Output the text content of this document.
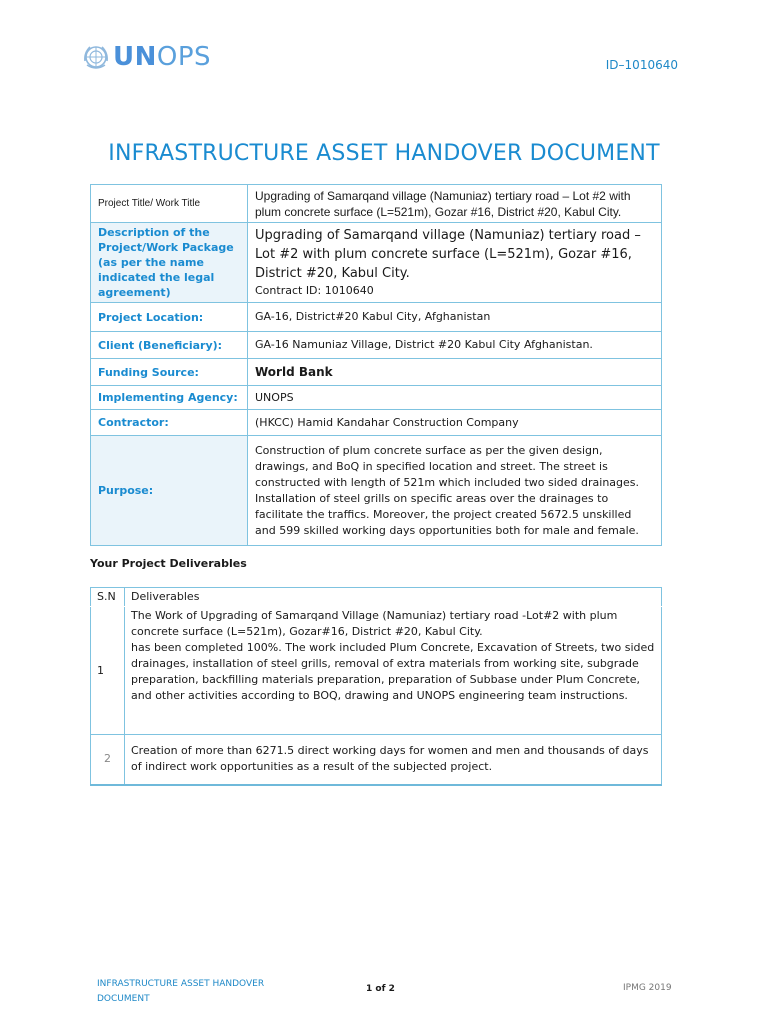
UNOPS	ID–1010640
INFRASTRUCTURE ASSET HANDOVER DOCUMENT
Project Title/ Work Title	Upgrading of Samarqand village (Namuniaz) tertiary road – Lot #2 with plum concrete surface (L=521m), Gozar #16, District #20, Kabul City.
Description of the Project/Work Package (as per the name indicated the legal agreement)	Upgrading of Samarqand village (Namuniaz) tertiary road – Lot #2 with plum concrete surface (L=521m), Gozar #16, District #20, Kabul City.
Contract ID: 1010640

Project Location:	GA-16, District#20 Kabul City, Afghanistan
Client (Beneficiary):	GA-16 Namuniaz Village, District #20 Kabul City Afghanistan.
Funding Source:	World Bank
Implementing Agency:	UNOPS
Contractor:	(HKCC) Hamid Kandahar Construction Company
Purpose:	Construction of plum concrete surface as per the given design, drawings, and BoQ in specified location and street. The street is constructed with length of 521m which included two sided drainages. Installation of steel grills on specific areas over the drainages to facilitate the traffics. Moreover, the project created 5672.5 unskilled and 599 skilled working days opportunities both for male and female.
Your Project Deliverables
S.N	Deliverables
1	The Work of Upgrading of Samarqand Village (Namuniaz) tertiary road -Lot#2 with plum concrete surface (L=521m), Gozar#16, District #20, Kabul City.
has been completed 100%. The work included Plum Concrete, Excavation of Streets, two sided drainages, installation of steel grills, removal of extra materials from working site, subgrade preparation, backfilling materials preparation, preparation of Subbase under Plum Concrete, and other activities according to BOQ, drawing and UNOPS engineering team instructions.

2	Creation of more than 6271.5 direct working days for women and men and thousands of days of indirect work opportunities as a result of the subjected project.
INFRASTRUCTURE ASSET HANDOVER DOCUMENT
1 of 2	IPMG 2019
